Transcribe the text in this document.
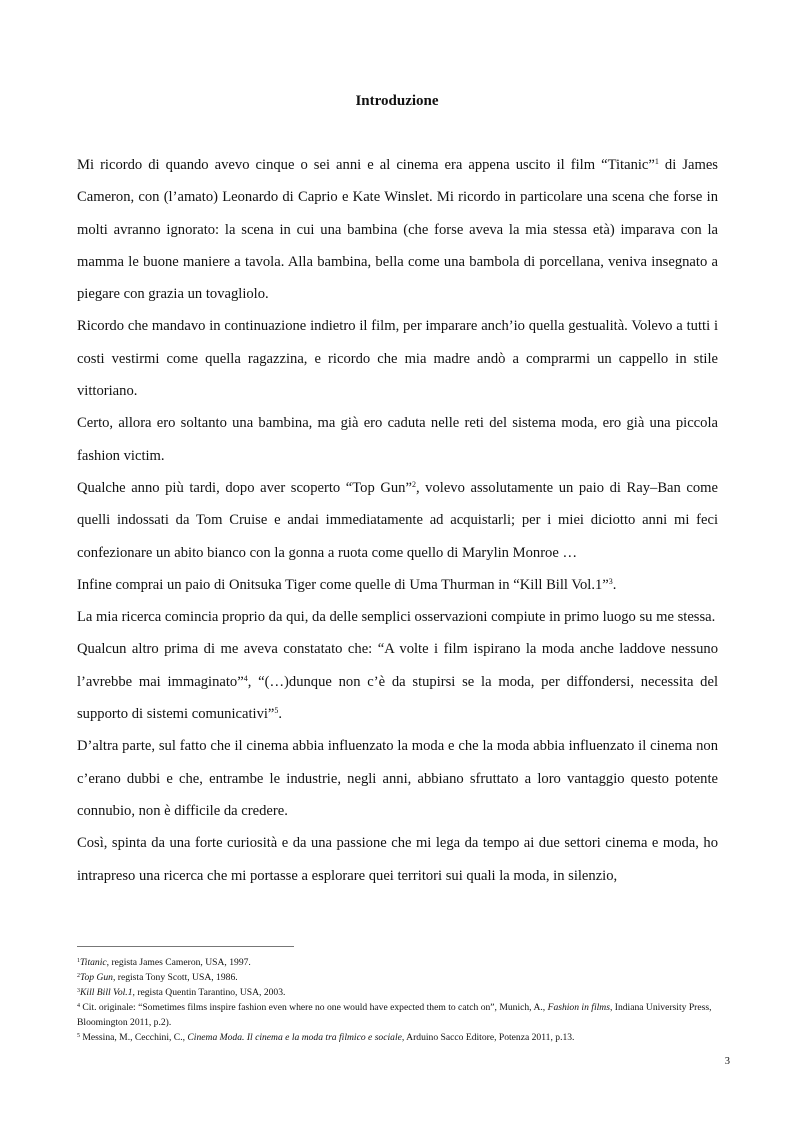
Introduzione

Mi ricordo di quando avevo cinque o sei anni e al cinema era appena uscito il film “Titanic”$^1$ di James Cameron, con (l’amato) Leonardo di Caprio e Kate Winslet. Mi ricordo in particolare una scena che forse in molti avranno ignorato: la scena in cui una bambina (che forse aveva la mia stessa età) imparava con la mamma le buone maniere a tavola. Alla bambina, bella come una bambola di porcellana, veniva insegnato a piegare con grazia un tovagliolo.

Ricordo che mandavo in continuazione indietro il film, per imparare anch’io quella gestualità. Volevo a tutti i costi vestirmi come quella ragazzina, e ricordo che mia madre andò a comprarmi un cappello in stile vittoriano.

Certo, allora ero soltanto una bambina, ma già ero caduta nelle reti del sistema moda, ero già una piccola fashion victim.

Qualche anno più tardi, dopo aver scoperto “Top Gun”$^2$, volevo assolutamente un paio di Ray–Ban come quelli indossati da Tom Cruise e andai immediatamente ad acquistarli; per i miei diciotto anni mi feci confezionare un abito bianco con la gonna a ruota come quello di Marylin Monroe …

Infine comprai un paio di Onitsuka Tiger come quelle di Uma Thurman in “Kill Bill Vol.1”$^3$.

La mia ricerca comincia proprio da qui, da delle semplici osservazioni compiute in primo luogo su me stessa.

Qualcun altro prima di me aveva constatato che: “A volte i film ispirano la moda anche laddove nessuno l’avrebbe mai immaginato”$^4$, “(…)dunque non c’è da stupirsi se la moda, per diffondersi, necessita del supporto di sistemi comunicativi”$^5$.

D’altra parte, sul fatto che il cinema abbia influenzato la moda e che la moda abbia influenzato il cinema non c’erano dubbi e che, entrambe le industrie, negli anni, abbiano sfruttato a loro vantaggio questo potente connubio, non è difficile da credere.

Così, spinta da una forte curiosità e da una passione che mi lega da tempo ai due settori cinema e moda, ho intrapreso una ricerca che mi portasse a esplorare quei territori sui quali la moda, in silenzio,

$^1$Titanic, regista James Cameron, USA, 1997.

$^2$Top Gun, regista Tony Scott, USA, 1986.

$^3$Kill Bill Vol.1, regista Quentin Tarantino, USA, 2003.

$^4$ Cit. originale: “Sometimes films inspire fashion even where no one would have expected them to catch on”, Munich, A., Fashion in films, Indiana University Press, Bloomington 2011, p.2).

$^5$ Messina, M., Cecchini, C., Cinema Moda. Il cinema e la moda tra filmico e sociale, Arduino Sacco Editore, Potenza 2011, p.13.

3
